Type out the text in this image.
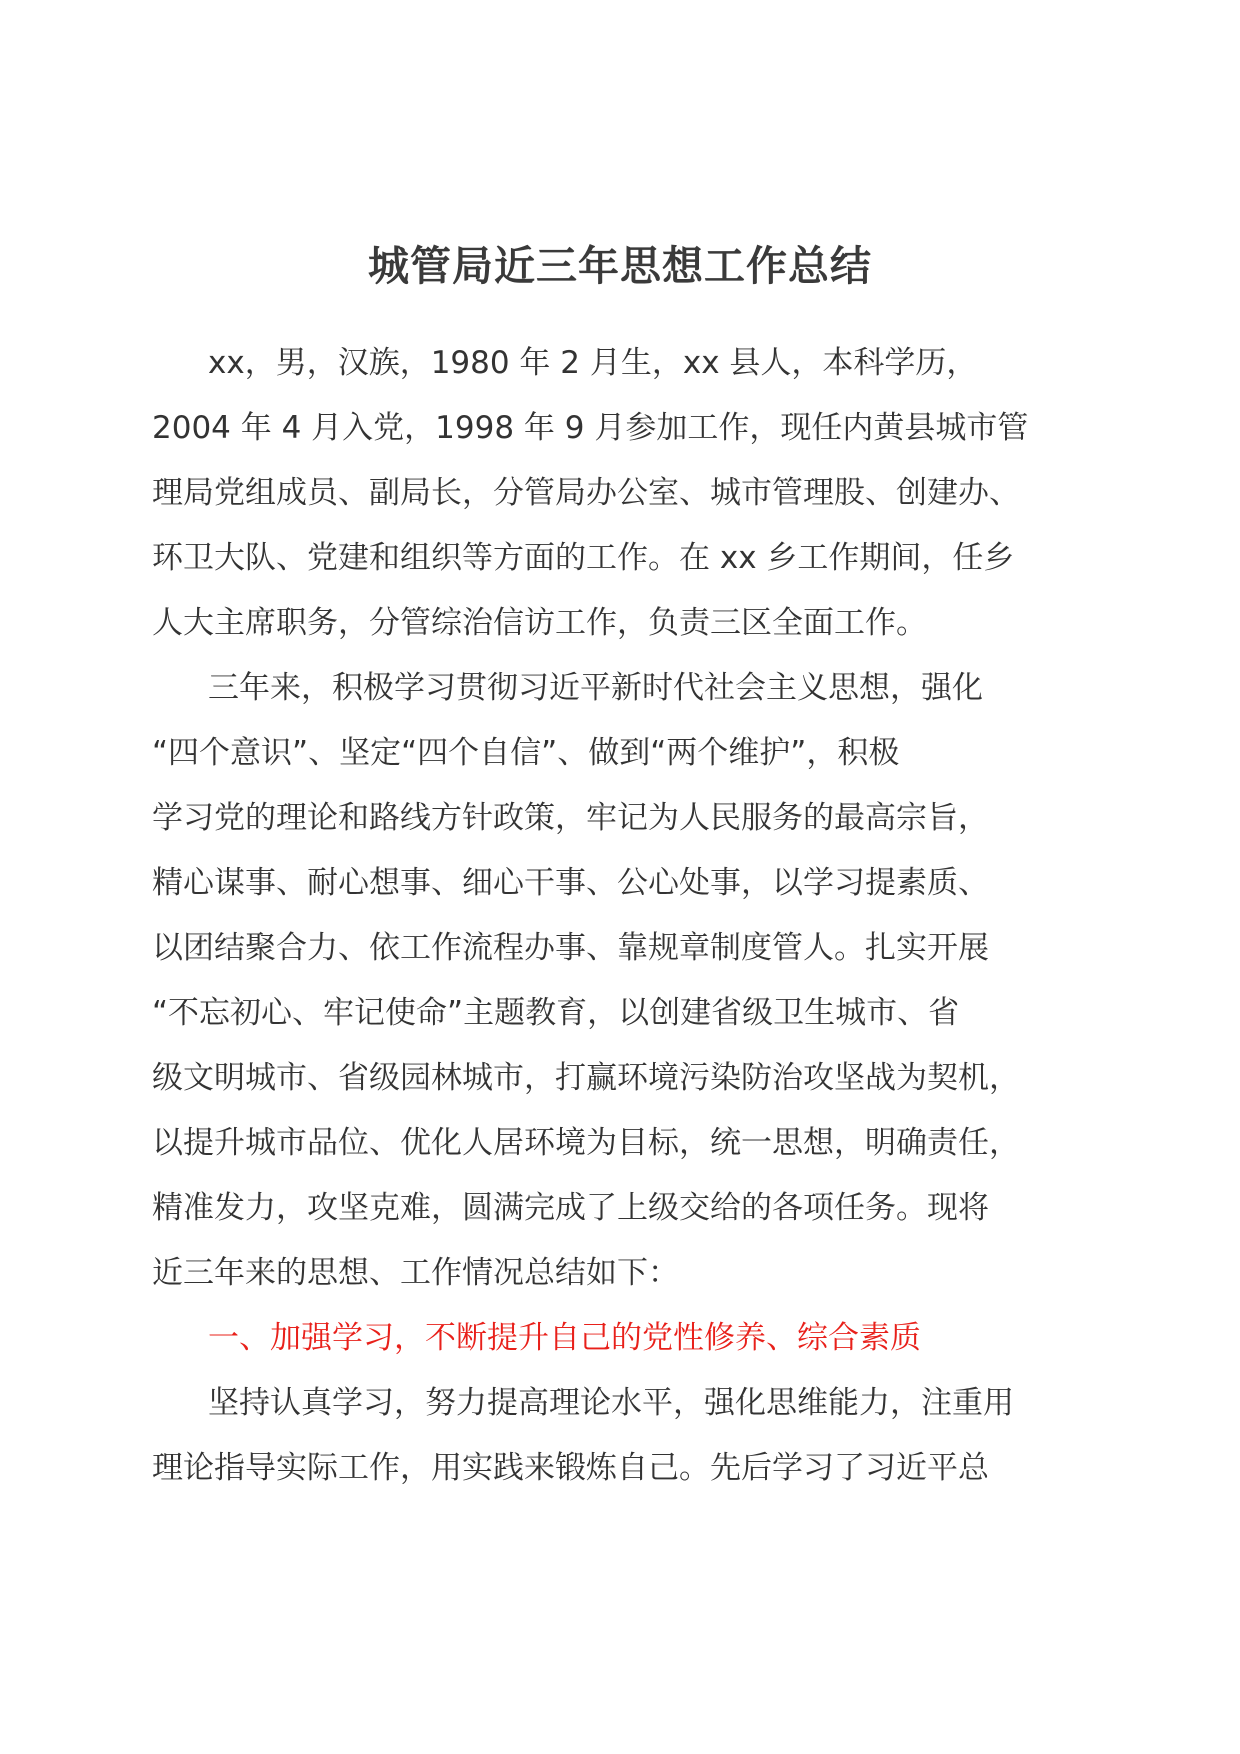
城管局近三年思想工作总结
xx，男，汉族，1980 年 2 月生，xx 县人，本科学历，
2004 年 4 月入党，1998 年 9 月参加工作，现任内黄县城市管
理局党组成员、副局长，分管局办公室、城市管理股、创建办、
环卫大队、党建和组织等方面的工作。在 xx 乡工作期间，任乡
人大主席职务，分管综治信访工作，负责三区全面工作。
三年来，积极学习贯彻习近平新时代社会主义思想，强化
“四个意识”、坚定“四个自信”、做到“两个维护”，积极
学习党的理论和路线方针政策，牢记为人民服务的最高宗旨，
精心谋事、耐心想事、细心干事、公心处事，以学习提素质、
以团结聚合力、依工作流程办事、靠规章制度管人。扎实开展
“不忘初心、牢记使命”主题教育，以创建省级卫生城市、省
级文明城市、省级园林城市，打赢环境污染防治攻坚战为契机，
以提升城市品位、优化人居环境为目标，统一思想，明确责任，
精准发力，攻坚克难，圆满完成了上级交给的各项任务。现将
近三年来的思想、工作情况总结如下：
一、加强学习，不断提升自己的党性修养、综合素质
坚持认真学习，努力提高理论水平，强化思维能力，注重用
理论指导实际工作，用实践来锻炼自己。先后学习了习近平总
